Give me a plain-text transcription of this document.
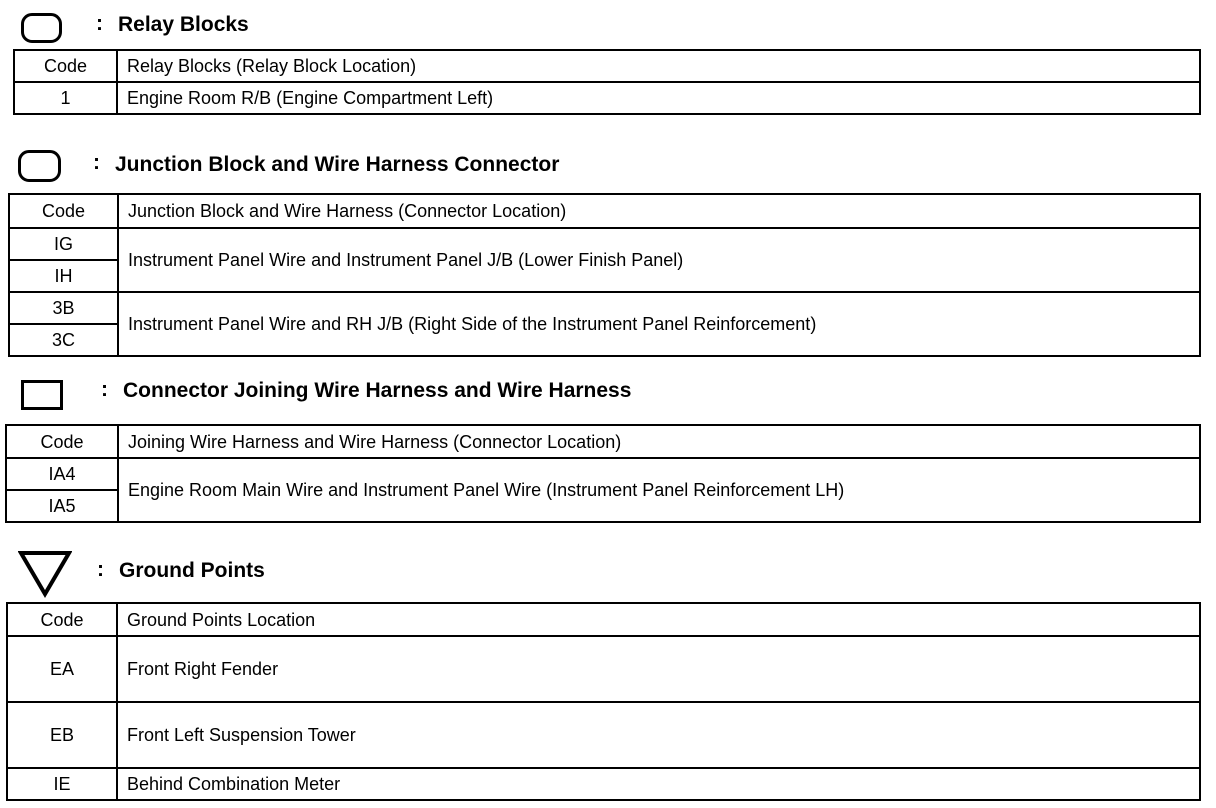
: Relay Blocks
Code	Relay Blocks (Relay Block Location)
1	Engine Room R/B (Engine Compartment Left)
: Junction Block and Wire Harness Connector
Code	Junction Block and Wire Harness (Connector Location)
IG	Instrument Panel Wire and Instrument Panel J/B (Lower Finish Panel)
IH	
3B	Instrument Panel Wire and RH J/B (Right Side of the Instrument Panel Reinforcement)
3C	
: Connector Joining Wire Harness and Wire Harness
Code	Joining Wire Harness and Wire Harness (Connector Location)
IA4	Engine Room Main Wire and Instrument Panel Wire (Instrument Panel Reinforcement LH)
IA5	
: Ground Points
Code	Ground Points Location
EA	Front Right Fender
EB	Front Left Suspension Tower
IE	Behind Combination Meter
